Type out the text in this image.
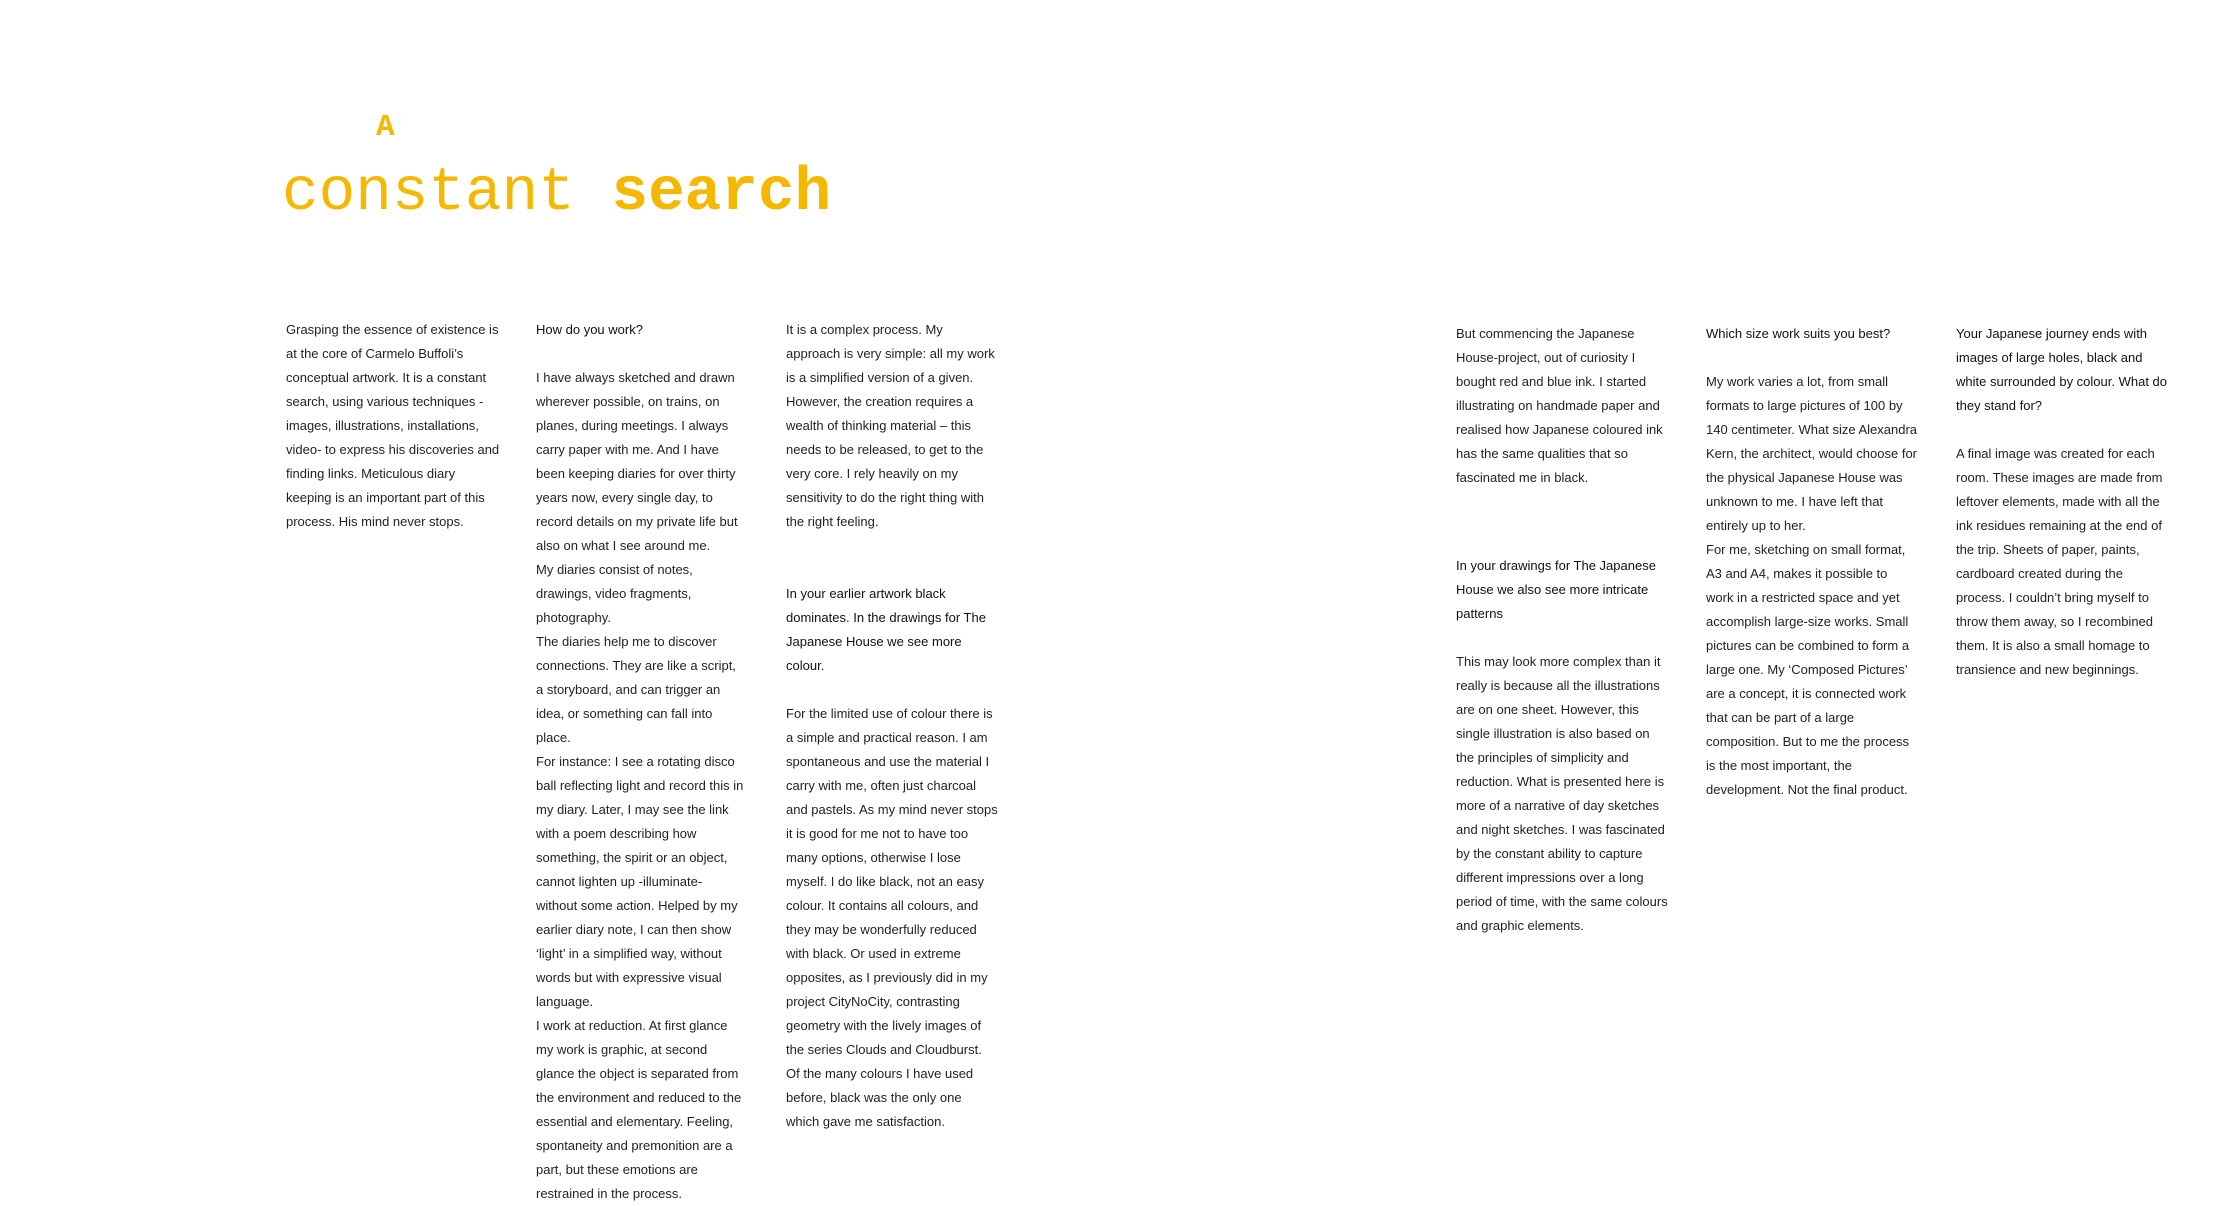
A
constant search

Grasping the essence of existence is at the core of Carmelo Buffoli’s conceptual artwork. It is a constant search, using various techniques -images, illustrations, installations, video- to express his discoveries and finding links. Meticulous diary keeping is an important part of this process. His mind never stops.

How do you work?

I have always sketched and drawn wherever possible, on trains, on planes, during meetings. I always carry paper with me. And I have been keeping diaries for over thirty years now, every single day, to record details on my private life but also on what I see around me.

My diaries consist of notes, drawings, video fragments, photography.

The diaries help me to discover connections. They are like a script, a storyboard, and can trigger an idea, or something can fall into place.

For instance: I see a rotating disco ball reflecting light and record this in my diary. Later, I may see the link with a poem describing how something, the spirit or an object, cannot lighten up -illuminate- without some action. Helped by my earlier diary note, I can then show ‘light’ in a simplified way, without words but with expressive visual language.

I work at reduction. At first glance my work is graphic, at second glance the object is separated from the environment and reduced to the essential and elementary. Feeling, spontaneity and premonition are a part, but these emotions are restrained in the process.

It is a complex process. My approach is very simple: all my work is a simplified version of a given. However, the creation requires a wealth of thinking material – this needs to be released, to get to the very core. I rely heavily on my sensitivity to do the right thing with the right feeling.

In your earlier artwork black dominates. In the drawings for The Japanese House we see more colour.

For the limited use of colour there is a simple and practical reason. I am spontaneous and use the material I carry with me, often just charcoal and pastels. As my mind never stops it is good for me not to have too many options, otherwise I lose myself. I do like black, not an easy colour. It contains all colours, and they may be wonderfully reduced with black. Or used in extreme opposites, as I previously did in my project CityNoCity, contrasting geometry with the lively images of the series Clouds and Cloudburst. Of the many colours I have used before, black was the only one which gave me satisfaction.

But commencing the Japanese House-project, out of curiosity I bought red and blue ink. I started illustrating on handmade paper and realised how Japanese coloured ink has the same qualities that so fascinated me in black.

In your drawings for The Japanese House we also see more intricate patterns

This may look more complex than it really is because all the illustrations are on one sheet. However, this single illustration is also based on the principles of simplicity and reduction. What is presented here is more of a narrative of day sketches and night sketches. I was fascinated by the constant ability to capture different impressions over a long period of time, with the same colours and graphic elements.

Which size work suits you best?

My work varies a lot, from small formats to large pictures of 100 by 140 centimeter. What size Alexandra Kern, the architect, would choose for the physical Japanese House was unknown to me. I have left that entirely up to her.

For me, sketching on small format, A3 and A4, makes it possible to work in a restricted space and yet accomplish large-size works. Small pictures can be combined to form a large one. My ‘Composed Pictures’ are a concept, it is connected work that can be part of a large composition. But to me the process is the most important, the development. Not the final product.

Your Japanese journey ends with images of large holes, black and white surrounded by colour. What do they stand for?

A final image was created for each room. These images are made from leftover elements, made with all the ink residues remaining at the end of the trip. Sheets of paper, paints, cardboard created during the process. I couldn’t bring myself to throw them away, so I recombined them. It is also a small homage to transience and new beginnings.
